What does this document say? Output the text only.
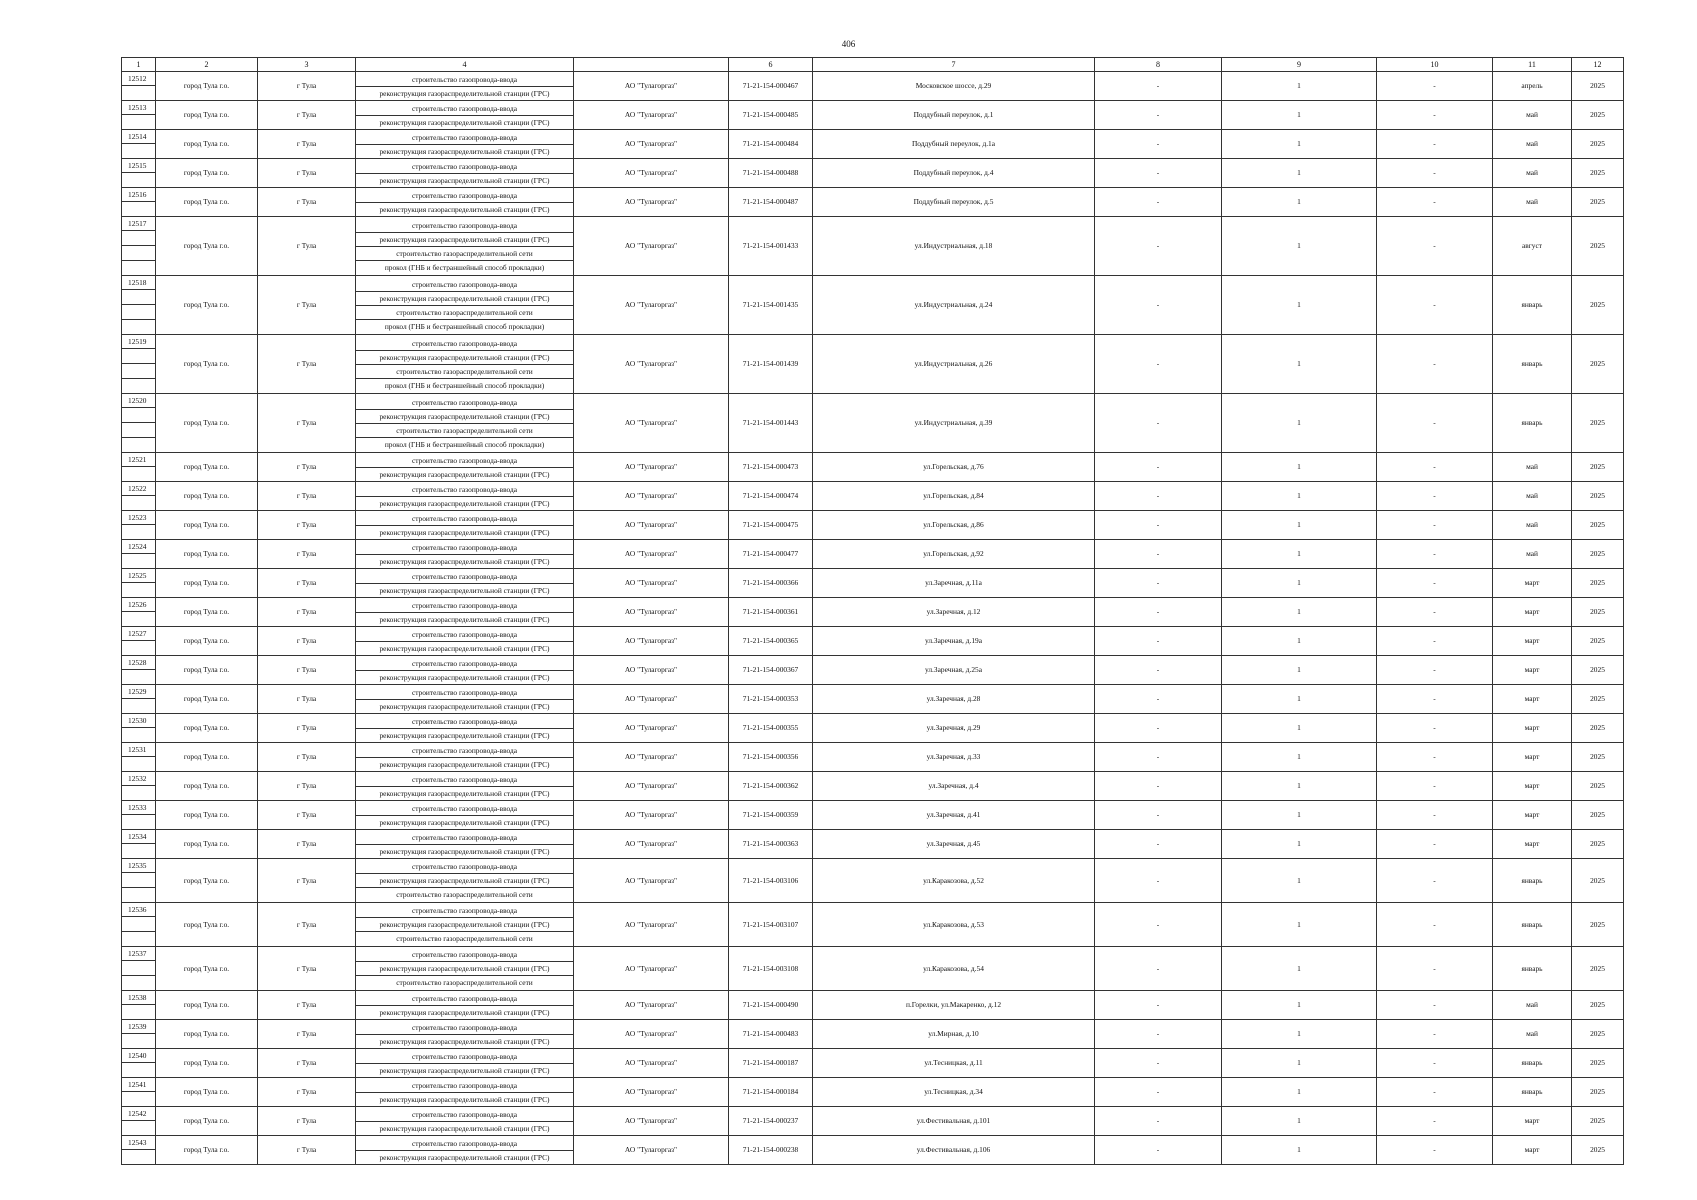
406
1	2	3	4		6	7	8	9	10	11	12

12512	город Тула г.о.	г Тула	строительство газопровода-ввода
реконструкция газораспределительной станции (ГРС)	АО "Тулагоргаз"	71-21-154-000467	Московское шоссе, д.29	-	1	-	апрель	2025

12513	город Тула г.о.	г Тула	строительство газопровода-ввода
реконструкция газораспределительной станции (ГРС)	АО "Тулагоргаз"	71-21-154-000485	Поддубный переулок, д.1	-	1	-	май	2025

12514	город Тула г.о.	г Тула	строительство газопровода-ввода
реконструкция газораспределительной станции (ГРС)	АО "Тулагоргаз"	71-21-154-000484	Поддубный переулок, д.1а	-	1	-	май	2025

12515	город Тула г.о.	г Тула	строительство газопровода-ввода
реконструкция газораспределительной станции (ГРС)	АО "Тулагоргаз"	71-21-154-000488	Поддубный переулок, д.4	-	1	-	май	2025

12516	город Тула г.о.	г Тула	строительство газопровода-ввода
реконструкция газораспределительной станции (ГРС)	АО "Тулагоргаз"	71-21-154-000487	Поддубный переулок, д.5	-	1	-	май	2025

12517	город Тула г.о.	г Тула	строительство газопровода-ввода
реконструкция газораспределительной станции (ГРС)
строительство газораспределительной сети
прокол (ГНБ и бестраншейный способ прокладки)	АО "Тулагоргаз"	71-21-154-001433	ул.Индустриальная, д.18	-	1	-	август	2025

12518	город Тула г.о.	г Тула	строительство газопровода-ввода
реконструкция газораспределительной станции (ГРС)
строительство газораспределительной сети
прокол (ГНБ и бестраншейный способ прокладки)	АО "Тулагоргаз"	71-21-154-001435	ул.Индустриальная, д.24	-	1	-	январь	2025

12519	город Тула г.о.	г Тула	строительство газопровода-ввода
реконструкция газораспределительной станции (ГРС)
строительство газораспределительной сети
прокол (ГНБ и бестраншейный способ прокладки)	АО "Тулагоргаз"	71-21-154-001439	ул.Индустриальная, д.26	-	1	-	январь	2025

12520	город Тула г.о.	г Тула	строительство газопровода-ввода
реконструкция газораспределительной станции (ГРС)
строительство газораспределительной сети
прокол (ГНБ и бестраншейный способ прокладки)	АО "Тулагоргаз"	71-21-154-001443	ул.Индустриальная, д.39	-	1	-	январь	2025

12521	город Тула г.о.	г Тула	строительство газопровода-ввода
реконструкция газораспределительной станции (ГРС)	АО "Тулагоргаз"	71-21-154-000473	ул.Горельская, д.76	-	1	-	май	2025

12522	город Тула г.о.	г Тула	строительство газопровода-ввода
реконструкция газораспределительной станции (ГРС)	АО "Тулагоргаз"	71-21-154-000474	ул.Горельская, д.84	-	1	-	май	2025

12523	город Тула г.о.	г Тула	строительство газопровода-ввода
реконструкция газораспределительной станции (ГРС)	АО "Тулагоргаз"	71-21-154-000475	ул.Горельская, д.86	-	1	-	май	2025

12524	город Тула г.о.	г Тула	строительство газопровода-ввода
реконструкция газораспределительной станции (ГРС)	АО "Тулагоргаз"	71-21-154-000477	ул.Горельская, д.92	-	1	-	май	2025

12525	город Тула г.о.	г Тула	строительство газопровода-ввода
реконструкция газораспределительной станции (ГРС)	АО "Тулагоргаз"	71-21-154-000366	ул.Заречная, д.11а	-	1	-	март	2025

12526	город Тула г.о.	г Тула	строительство газопровода-ввода
реконструкция газораспределительной станции (ГРС)	АО "Тулагоргаз"	71-21-154-000361	ул.Заречная, д.12	-	1	-	март	2025

12527	город Тула г.о.	г Тула	строительство газопровода-ввода
реконструкция газораспределительной станции (ГРС)	АО "Тулагоргаз"	71-21-154-000365	ул.Заречная, д.19а	-	1	-	март	2025

12528	город Тула г.о.	г Тула	строительство газопровода-ввода
реконструкция газораспределительной станции (ГРС)	АО "Тулагоргаз"	71-21-154-000367	ул.Заречная, д.25а	-	1	-	март	2025

12529	город Тула г.о.	г Тула	строительство газопровода-ввода
реконструкция газораспределительной станции (ГРС)	АО "Тулагоргаз"	71-21-154-000353	ул.Заречная, д.28	-	1	-	март	2025

12530	город Тула г.о.	г Тула	строительство газопровода-ввода
реконструкция газораспределительной станции (ГРС)	АО "Тулагоргаз"	71-21-154-000355	ул.Заречная, д.29	-	1	-	март	2025

12531	город Тула г.о.	г Тула	строительство газопровода-ввода
реконструкция газораспределительной станции (ГРС)	АО "Тулагоргаз"	71-21-154-000356	ул.Заречная, д.33	-	1	-	март	2025

12532	город Тула г.о.	г Тула	строительство газопровода-ввода
реконструкция газораспределительной станции (ГРС)	АО "Тулагоргаз"	71-21-154-000362	ул.Заречная, д.4	-	1	-	март	2025

12533	город Тула г.о.	г Тула	строительство газопровода-ввода
реконструкция газораспределительной станции (ГРС)	АО "Тулагоргаз"	71-21-154-000359	ул.Заречная, д.41	-	1	-	март	2025

12534	город Тула г.о.	г Тула	строительство газопровода-ввода
реконструкция газораспределительной станции (ГРС)	АО "Тулагоргаз"	71-21-154-000363	ул.Заречная, д.45	-	1	-	март	2025

12535	город Тула г.о.	г Тула	строительство газопровода-ввода
реконструкция газораспределительной станции (ГРС)
строительство газораспределительной сети	АО "Тулагоргаз"	71-21-154-003106	ул.Каракозова, д.52	-	1	-	январь	2025

12536	город Тула г.о.	г Тула	строительство газопровода-ввода
реконструкция газораспределительной станции (ГРС)
строительство газораспределительной сети	АО "Тулагоргаз"	71-21-154-003107	ул.Каракозова, д.53	-	1	-	январь	2025

12537	город Тула г.о.	г Тула	строительство газопровода-ввода
реконструкция газораспределительной станции (ГРС)
строительство газораспределительной сети	АО "Тулагоргаз"	71-21-154-003108	ул.Каракозова, д.54	-	1	-	январь	2025

12538	город Тула г.о.	г Тула	строительство газопровода-ввода
реконструкция газораспределительной станции (ГРС)	АО "Тулагоргаз"	71-21-154-000490	п.Горелки, ул.Макаренко, д.12	-	1	-	май	2025

12539	город Тула г.о.	г Тула	строительство газопровода-ввода
реконструкция газораспределительной станции (ГРС)	АО "Тулагоргаз"	71-21-154-000483	ул.Мирная, д.10	-	1	-	май	2025

12540	город Тула г.о.	г Тула	строительство газопровода-ввода
реконструкция газораспределительной станции (ГРС)	АО "Тулагоргаз"	71-21-154-000187	ул.Тесницкая, д.11	-	1	-	январь	2025

12541	город Тула г.о.	г Тула	строительство газопровода-ввода
реконструкция газораспределительной станции (ГРС)	АО "Тулагоргаз"	71-21-154-000184	ул.Тесницкая, д.34	-	1	-	январь	2025

12542	город Тула г.о.	г Тула	строительство газопровода-ввода
реконструкция газораспределительной станции (ГРС)	АО "Тулагоргаз"	71-21-154-000237	ул.Фестивальная, д.101	-	1	-	март	2025

12543	город Тула г.о.	г Тула	строительство газопровода-ввода
реконструкция газораспределительной станции (ГРС)	АО "Тулагоргаз"	71-21-154-000238	ул.Фестивальная, д.106	-	1	-	март	2025
